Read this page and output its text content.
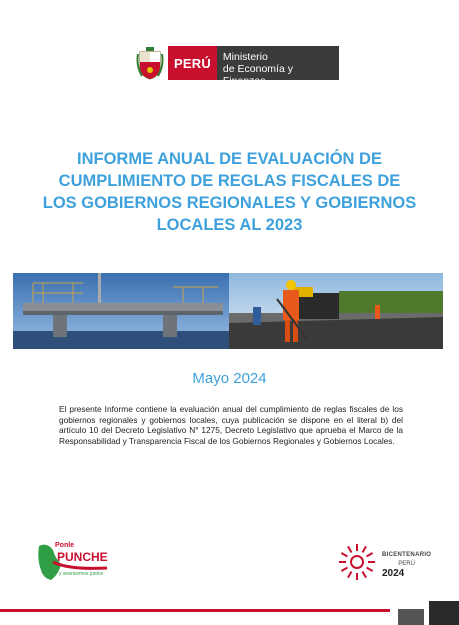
PERÚ	Ministerio
de Economía y Finanzas
INFORME ANUAL DE EVALUACIÓN DE CUMPLIMIENTO DE REGLAS FISCALES DE LOS GOBIERNOS REGIONALES Y GOBIERNOS LOCALES AL 2023
Mayo 2024
El presente Informe contiene la evaluación anual del cumplimiento de reglas fiscales de los gobiernos regionales y gobiernos locales, cuya publicación se dispone en el literal b) del artículo 10 del Decreto Legislativo N° 1275, Decreto Legislativo que aprueba el Marco de la Responsabilidad y Transparencia Fiscal de los Gobiernos Regionales y Gobiernos Locales.
Ponle
PUNCHE
y avancemos juntos
BICENTENARIO
PERÚ
2024
